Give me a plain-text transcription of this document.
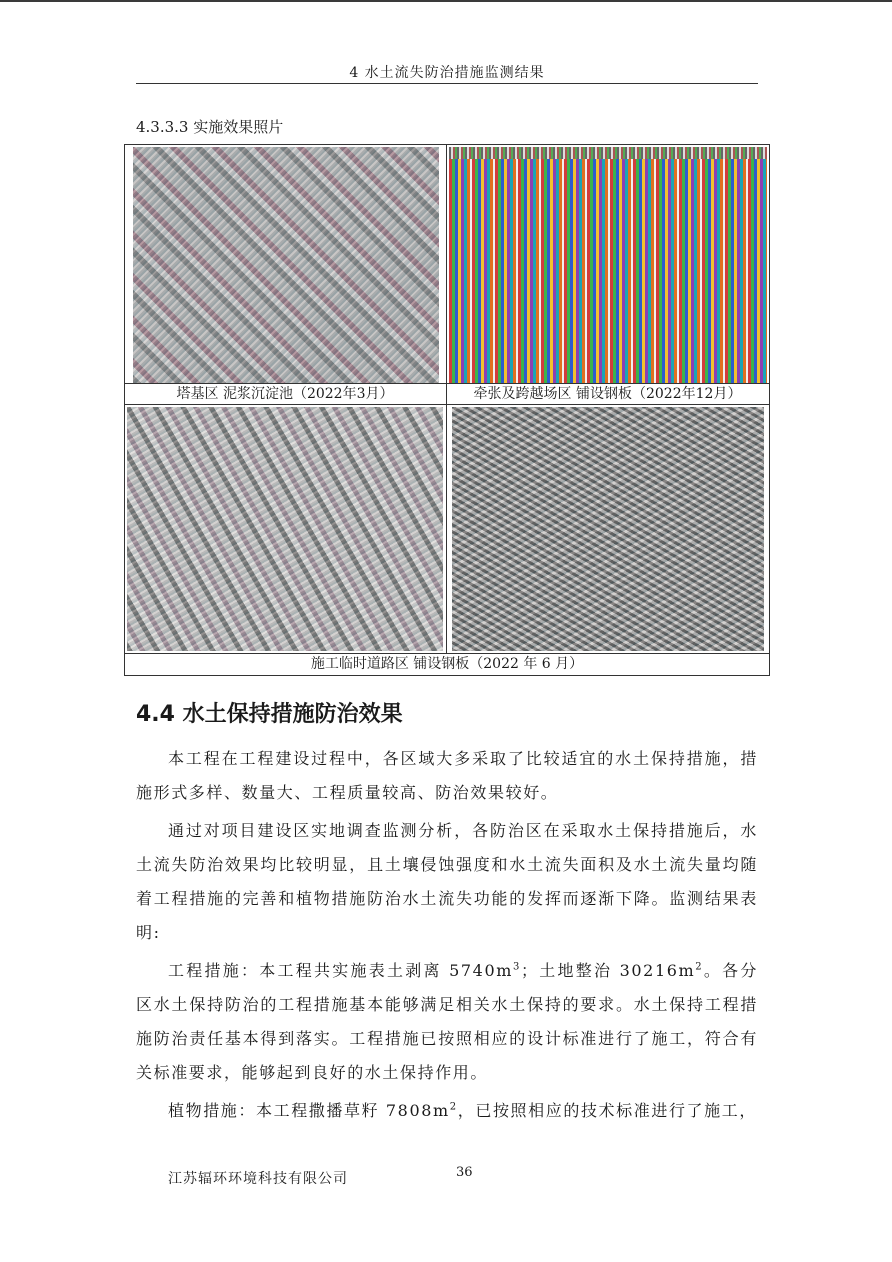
4 水土流失防治措施监测结果
4.3.3.3 实施效果照片
塔基区 泥浆沉淀池（2022年3月）	牵张及跨越场区 铺设钢板（2022年12月）
施工临时道路区 铺设钢板（2022 年 6 月）
4.4 水土保持措施防治效果
本工程在工程建设过程中，各区域大多采取了比较适宜的水土保持措施，措施形式多样、数量大、工程质量较高、防治效果较好。
通过对项目建设区实地调查监测分析，各防治区在采取水土保持措施后，水土流失防治效果均比较明显，且土壤侵蚀强度和水土流失面积及水土流失量均随着工程措施的完善和植物措施防治水土流失功能的发挥而逐渐下降。监测结果表明:
工程措施：本工程共实施表土剥离 $5740m^3$；土地整治 $30216m^2$。各分区水土保持防治的工程措施基本能够满足相关水土保持的要求。水土保持工程措施防治责任基本得到落实。工程措施已按照相应的设计标准进行了施工，符合有关标准要求，能够起到良好的水土保持作用。
植物措施：本工程撒播草籽 $7808m^2$，已按照相应的技术标准进行了施工，
江苏辐环环境科技有限公司	36
